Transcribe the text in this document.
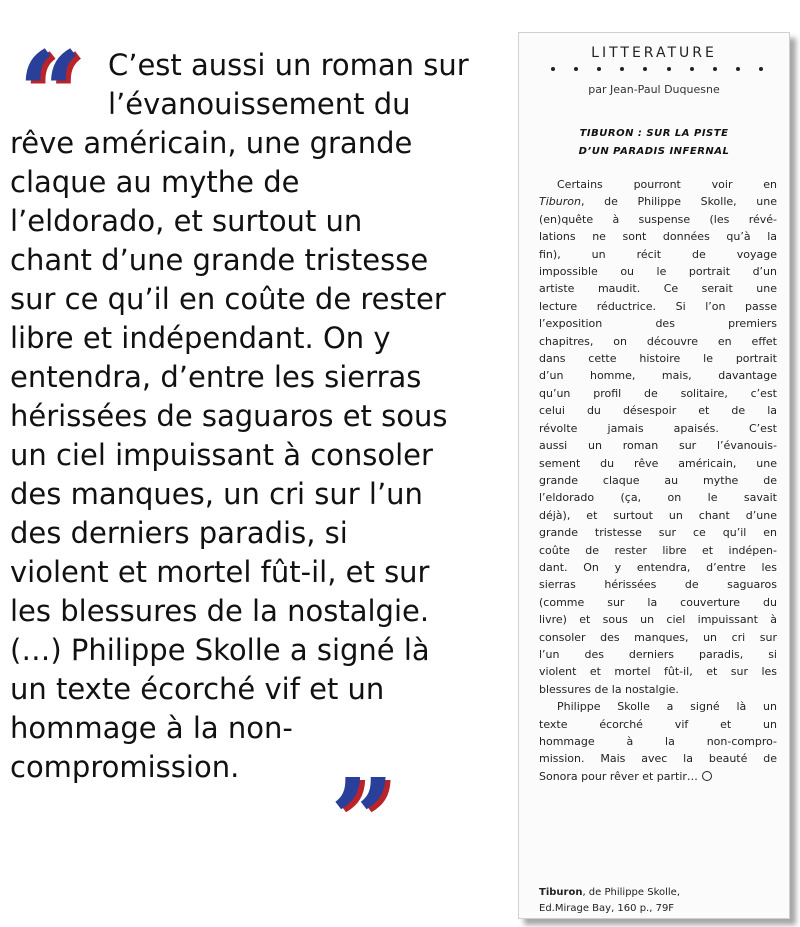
“ C’est aussi un roman sur
l’évanouissement du
rêve américain, une grande
claque au mythe de
l’eldorado, et surtout un
chant d’une grande tristesse
sur ce qu’il en coûte de rester
libre et indépendant. On y
entendra, d’entre les sierras
hérissées de saguaros et sous
un ciel impuissant à consoler
des manques, un cri sur l’un
des derniers paradis, si
violent et mortel fût-il, et sur
les blessures de la nostalgie.
(…) Philippe Skolle a signé là
un texte écorché vif et un
hommage à la non-
compromission. ”
LITTERATURE
par Jean-Paul Duquesne
TIBURON : SUR LA PISTE
D’UN PARADIS INFERNAL
Certains pourront voir en
Tiburon, de Philippe Skolle, une
(en)quête à suspense (les révé-
lations ne sont données qu’à la
fin), un récit de voyage
impossible ou le portrait d’un
artiste maudit. Ce serait une
lecture réductrice. Si l’on passe
l’exposition des premiers
chapitres, on découvre en effet
dans cette histoire le portrait
d’un homme, mais, davantage
qu’un profil de solitaire, c’est
celui du désespoir et de la
révolte jamais apaisés. C’est
aussi un roman sur l’évanouis-
sement du rêve américain, une
grande claque au mythe de
l’eldorado (ça, on le savait
déjà), et surtout un chant d’une
grande tristesse sur ce qu’il en
coûte de rester libre et indépen-
dant. On y entendra, d’entre les
sierras hérissées de saguaros
(comme sur la couverture du
livre) et sous un ciel impuissant à
consoler des manques, un cri sur
l’un des derniers paradis, si
violent et mortel fût-il, et sur les
blessures de la nostalgie.
Philippe Skolle a signé là un
texte écorché vif et un
hommage à la non-compro-
mission. Mais avec la beauté de
Sonora pour rêver et partir…
Tiburon, de Philippe Skolle,
Ed.Mirage Bay, 160 p., 79F
